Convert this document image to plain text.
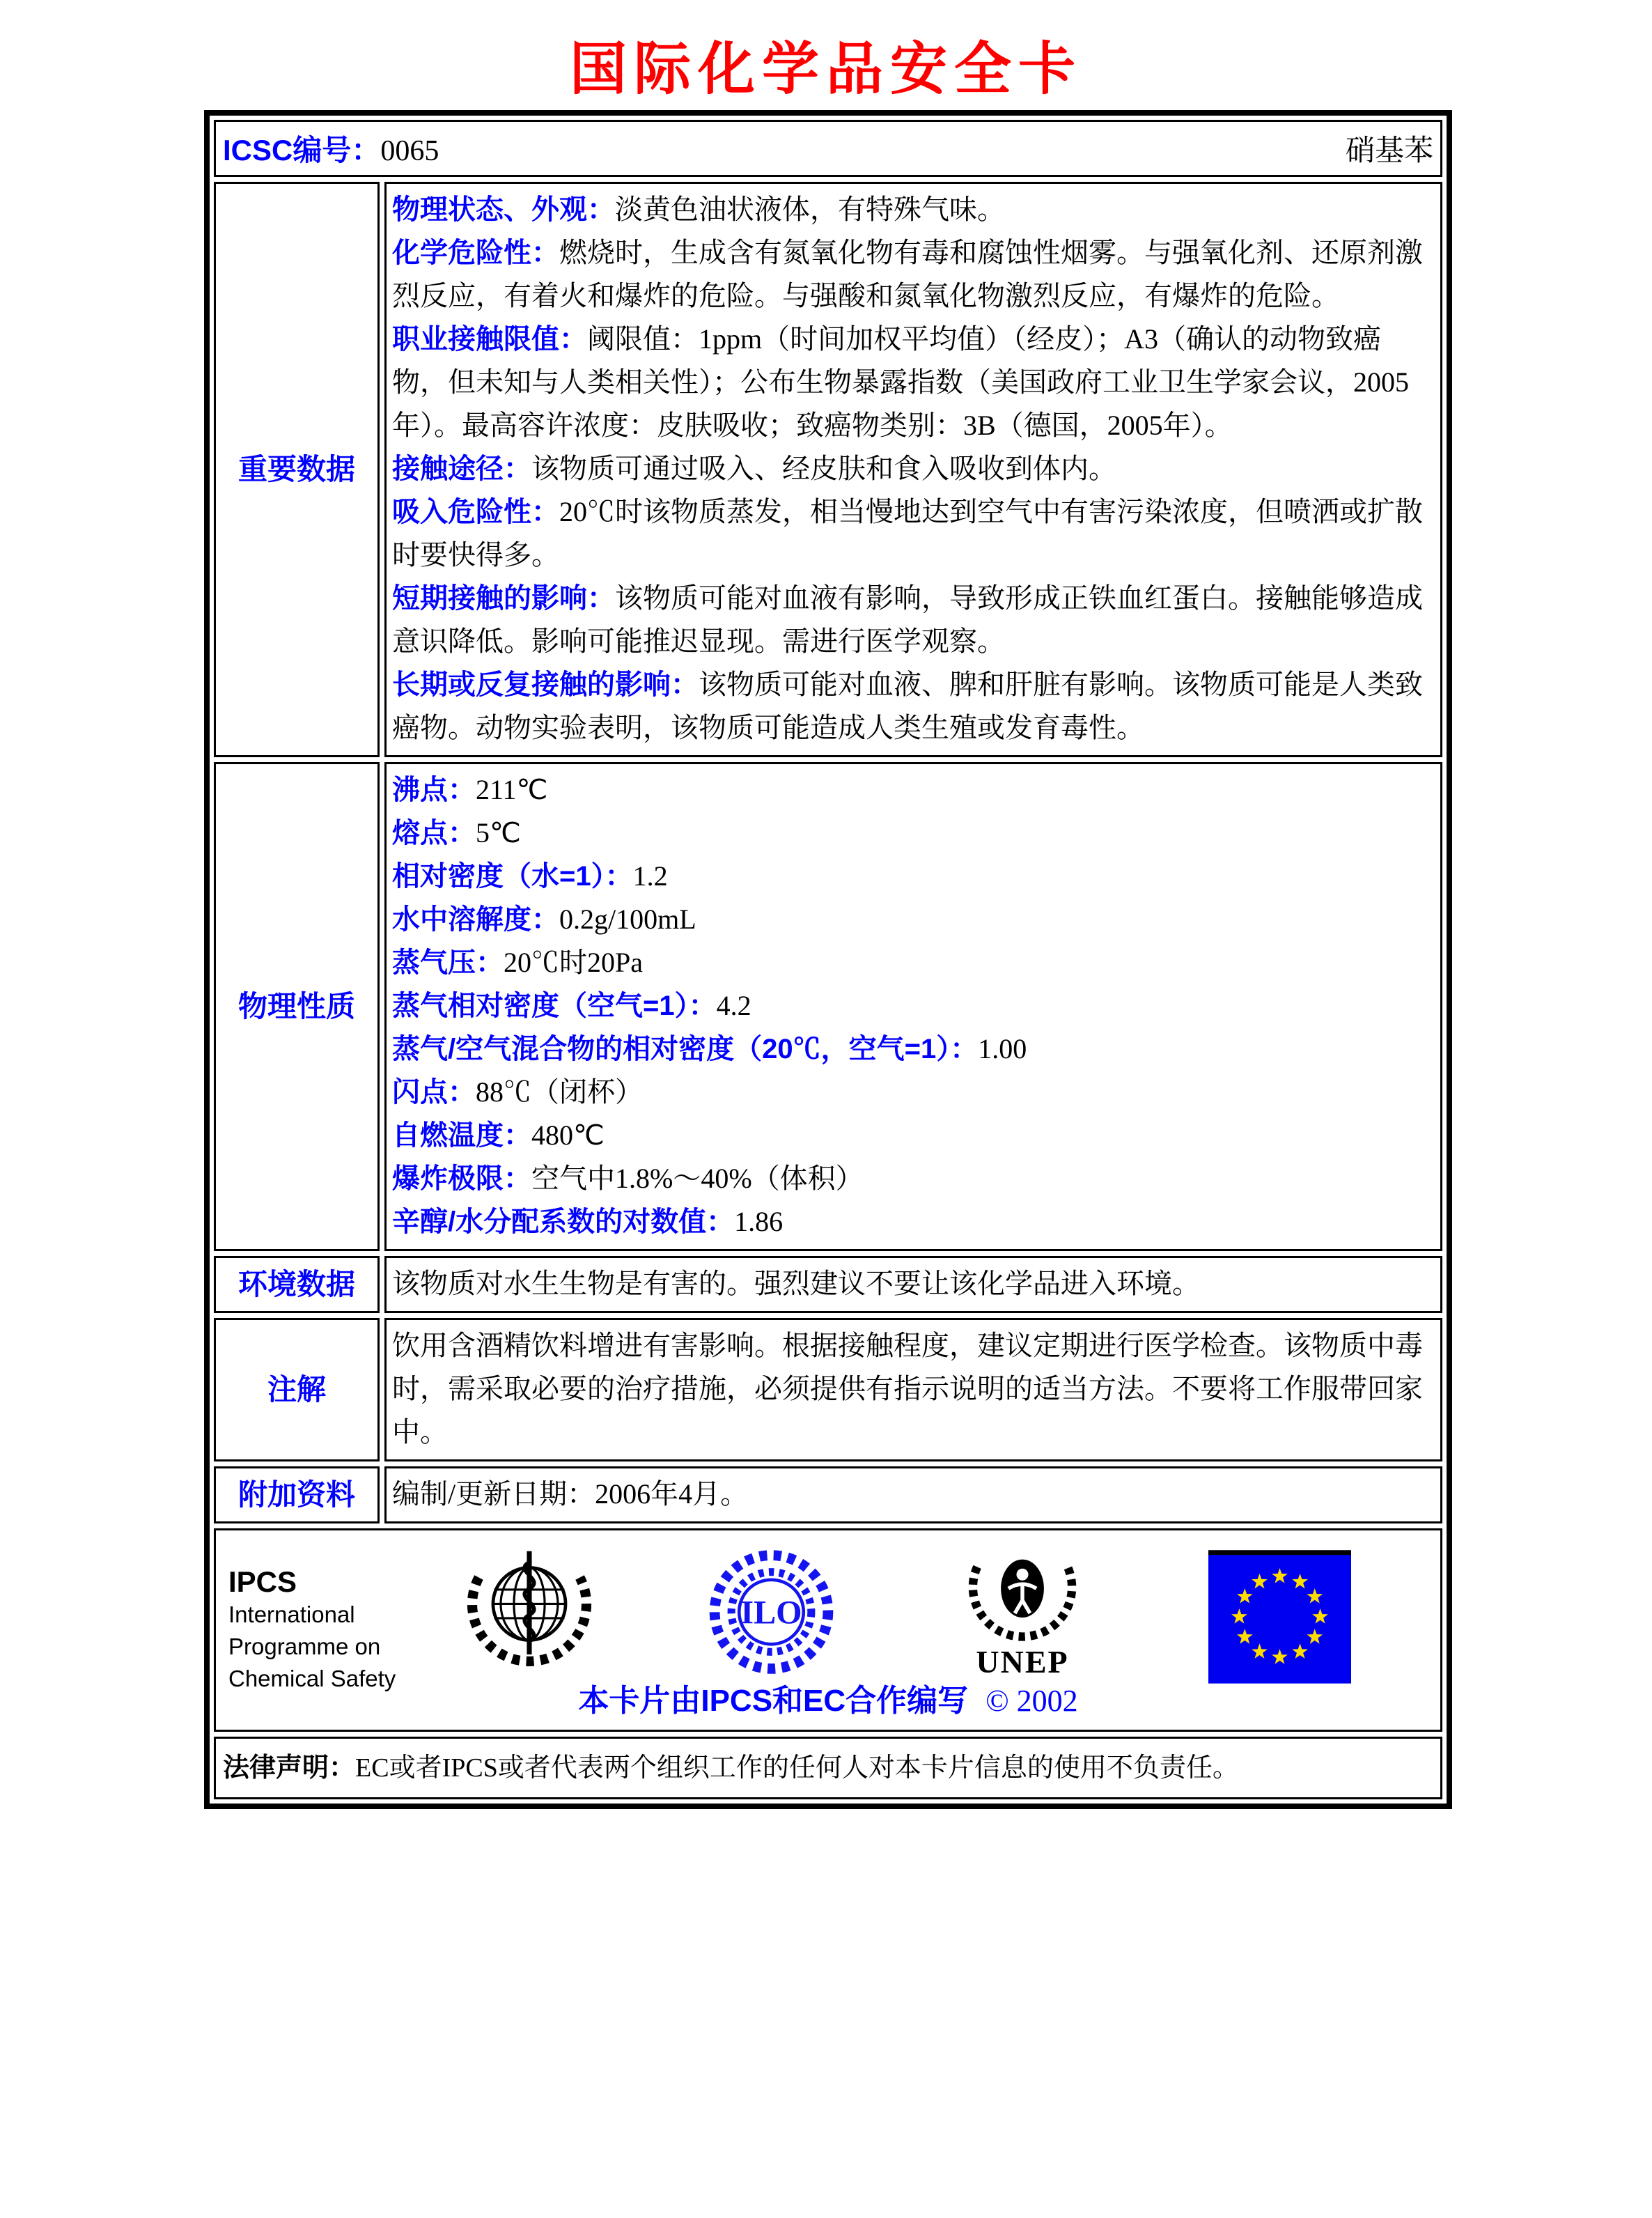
国际化学品安全卡
ICSC编号： 0065	硝基苯
重要数据
物理状态、外观：淡黄色油状液体，有特殊气味。
化学危险性：燃烧时，生成含有氮氧化物有毒和腐蚀性烟雾。与强氧化剂、还原剂激烈反应，有着火和爆炸的危险。与强酸和氮氧化物激烈反应，有爆炸的危险。
职业接触限值：阈限值：1ppm（时间加权平均值）（经皮）；A3（确认的动物致癌物，但未知与人类相关性）；公布生物暴露指数（美国政府工业卫生学家会议，2005年）。最高容许浓度：皮肤吸收；致癌物类别：3B（德国，2005年）。
接触途径：该物质可通过吸入、经皮肤和食入吸收到体内。
吸入危险性：20℃时该物质蒸发，相当慢地达到空气中有害污染浓度，但喷洒或扩散时要快得多。
短期接触的影响：该物质可能对血液有影响，导致形成正铁血红蛋白。接触能够造成意识降低。影响可能推迟显现。需进行医学观察。
长期或反复接触的影响：该物质可能对血液、脾和肝脏有影响。该物质可能是人类致癌物。动物实验表明，该物质可能造成人类生殖或发育毒性。
物理性质
沸点：211℃
熔点：5℃
相对密度（水=1）：1.2
水中溶解度：0.2g/100mL
蒸气压：20℃时20Pa
蒸气相对密度（空气=1）：4.2
蒸气/空气混合物的相对密度（20℃，空气=1）：1.00
闪点：88℃（闭杯）
自燃温度：480℃
爆炸极限：空气中1.8%～40%（体积）
辛醇/水分配系数的对数值：1.86
环境数据 该物质对水生生物是有害的。强烈建议不要让该化学品进入环境。
注解
饮用含酒精饮料增进有害影响。根据接触程度，建议定期进行医学检查。该物质中毒时，需采取必要的治疗措施，必须提供有指示说明的适当方法。不要将工作服带回家中。
附加资料 编制/更新日期：2006年4月。
IPCS
International
Programme on
Chemical Safety
ILO
UNEP
本卡片由IPCS和EC合作编写 © 2002
法律声明：EC或者IPCS或者代表两个组织工作的任何人对本卡片信息的使用不负责任。
